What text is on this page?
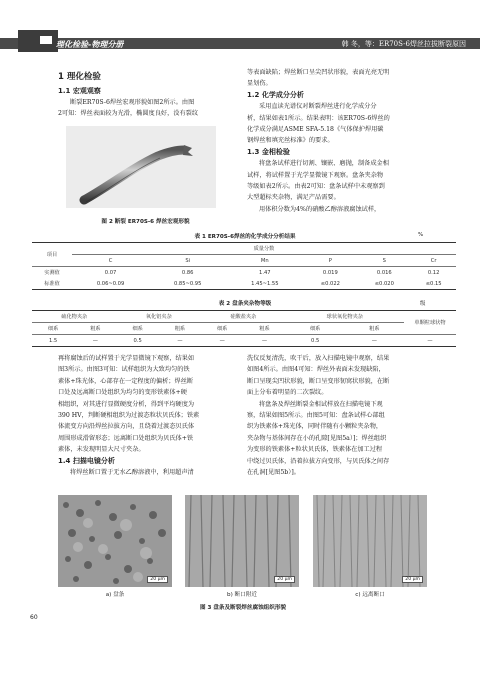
理化检验-物理分册	韩 冬，等：ER70S-6焊丝拉拔断裂原因
1 理化检验
1.1 宏观观察
断裂ER70S-6焊丝宏观形貌如图2所示。由图
2可知：焊丝表面较为光滑，椭圆度良好，没有裂纹
图 2 断裂 ER70S-6 焊丝宏观形貌
等表面缺陷；焊丝断口呈尖凹状形貌，表面光亮无明
显划伤。
1.2 化学成分分析
采用直读光谱仪对断裂焊丝进行化学成分分
析，结果如表1所示。结果表明：该ER70S-6焊丝的
化学成分满足ASME SFA-5.18《气体保护焊用碳
钢焊丝和填充丝标准》的要求。
1.3 金相检验
将盘条试样进行切割、镶嵌、磨抛，制备成金相
试样，将试样置于光学显微镜下观察。盘条夹杂物
等级如表2所示。由表2可知：盘条试样中未观察到
大型超标夹杂物，满足产品需要。
用体积分数为4%的硝酸乙醇溶液腐蚀试样，
表 1 ER70S-6焊丝的化学成分分析结果	%
项目	质量分数					
	C	Si	Mn	P	S	Cr
实测值	0.07	0.86	1.47	0.019	0.016	0.12
标准值	0.06~0.09	0.85~0.95	1.45~1.55	≤0.022	≤0.020	≤0.15
表 2 盘条夹杂物等级	级
硫化物夹杂		氧化铝夹杂		硅酸盐夹杂		球状氧化物夹杂		单颗粒球状物
细系	粗系	细系	粗系	细系	粗系	细系	粗系	
1.5	—	0.5	—	—	—	0.5	—	—
再将腐蚀后的试样置于光学显微镜下观察，结果如
图3所示。由图3可知：试样组织为大致均匀的铁
素体+珠光体，心部存在一定程度的偏析；焊丝断
口处及远离断口处组织为均匀的变形铁素体+硬
相组织，对其进行显微硬度分析，得到平均硬度为
390 HV，判断硬相组织为过渡态粒状贝氏体；铁素
体流变方向沿焊丝拉拔方向，且绕着过渡态贝氏体
周围形成滑留形态；远离断口处组织为贝氏体+铁
素体，未发现明显大尺寸夹杂。
1.4 扫描电镜分析
将焊丝断口置于无水乙醇溶液中，利用超声清
洗仪反复清洗，吹干后，放入扫描电镜中观察，结果
如图4所示。由图4可知：焊丝外表面未发现缺陷，
断口呈现尖凹状形貌，断口呈变形韧窝状形貌，在断
面上分布着明显的二次裂纹。
将盘条及焊丝断裂金相试样放在扫描电镜下观
察，结果如图5所示。由图5可知：盘条试样心部组
织为铁素体+珠光体，同时伴随有小颗粒夹杂物，
夹杂物与基体间存在小的孔隙[见图5a）]；焊丝组织
为变形的铁素体+粒状贝氏体，铁素体在加工过程
中绕过贝氏体，沿着拉拔方向变形，与贝氏体之间存
在孔洞[见图5b）]。
20 μm	20 μm	20 μm
a) 盘条	b) 断口附近	c) 远离断口
图 3 盘条及断裂焊丝腐蚀组织形貌
60
